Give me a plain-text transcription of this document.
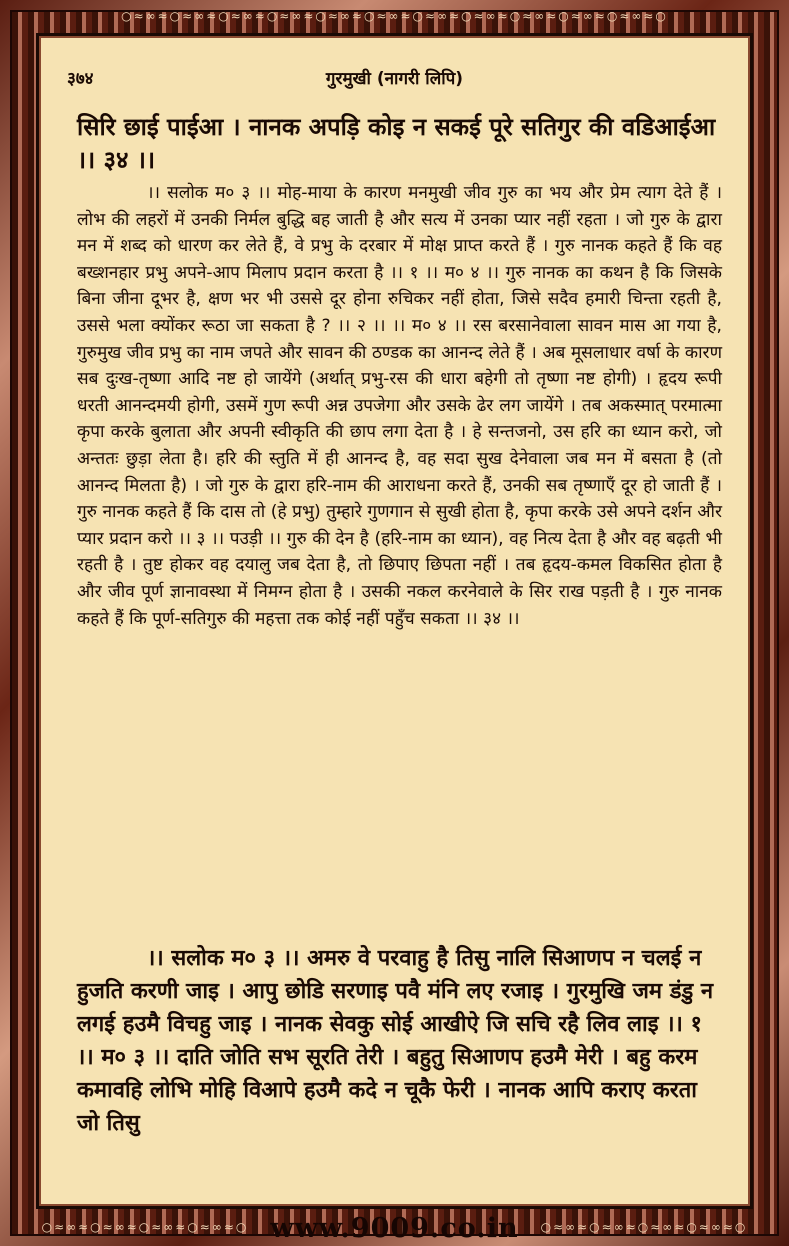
○≈∞≈○≈∞≈○≈∞≈○≈∞≈○≈∞≈○≈∞≈○≈∞≈○≈∞≈○≈∞≈○≈∞≈○≈∞≈○
○≈∞≈○≈∞≈○≈∞≈○≈∞≈○	○≈∞≈○≈∞≈○≈∞≈○≈∞≈○
गुरमुखी (नागरी लिपि)
३७४
सिरि छाई पाईआ । नानक अपड़ि कोइ न सकई पूरे सतिगुर की वडिआईआ ।। ३४ ।।
।। सलोक म० ३ ।। मोह-माया के कारण मनमुखी जीव गुरु का भय और प्रेम त्याग देते हैं । लोभ की लहरों में उनकी निर्मल बुद्धि बह जाती है और सत्य में उनका प्यार नहीं रहता । जो गुरु के द्वारा मन में शब्द को धारण कर लेते हैं, वे प्रभु के दरबार में मोक्ष प्राप्त करते हैं । गुरु नानक कहते हैं कि वह बख्शनहार प्रभु अपने-आप मिलाप प्रदान करता है ।। १ ।। म० ४ ।। गुरु नानक का कथन है कि जिसके बिना जीना दूभर है, क्षण भर भी उससे दूर होना रुचिकर नहीं होता, जिसे सदैव हमारी चिन्ता रहती है, उससे भला क्योंकर रूठा जा सकता है ? ।। २ ।। ।। म० ४ ।। रस बरसानेवाला सावन मास आ गया है, गुरुमुख जीव प्रभु का नाम जपते और सावन की ठण्डक का आनन्द लेते हैं । अब मूसलाधार वर्षा के कारण सब दुःख-तृष्णा आदि नष्ट हो जायेंगे (अर्थात् प्रभु-रस की धारा बहेगी तो तृष्णा नष्ट होगी) । हृदय रूपी धरती आनन्दमयी होगी, उसमें गुण रूपी अन्न उपजेगा और उसके ढेर लग जायेंगे । तब अकस्मात् परमात्मा कृपा करके बुलाता और अपनी स्वीकृति की छाप लगा देता है । हे सन्तजनो, उस हरि का ध्यान करो, जो अन्ततः छुड़ा लेता है। हरि की स्तुति में ही आनन्द है, वह सदा सुख देनेवाला जब मन में बसता है (तो आनन्द मिलता है) । जो गुरु के द्वारा हरि-नाम की आराधना करते हैं, उनकी सब तृष्णाएँ दूर हो जाती हैं । गुरु नानक कहते हैं कि दास तो (हे प्रभु) तुम्हारे गुणगान से सुखी होता है, कृपा करके उसे अपने दर्शन और प्यार प्रदान करो ।। ३ ।। पउड़ी ।। गुरु की देन है (हरि-नाम का ध्यान), वह नित्य देता है और वह बढ़ती भी रहती है । तुष्ट होकर वह दयालु जब देता है, तो छिपाए छिपता नहीं । तब हृदय-कमल विकसित होता है और जीव पूर्ण ज्ञानावस्था में निमग्न होता है । उसकी नकल करनेवाले के सिर राख पड़ती है । गुरु नानक कहते हैं कि पूर्ण-सतिगुरु की महत्ता तक कोई नहीं पहुँच सकता ।। ३४ ।।
।। सलोक म० ३ ।। अमरु वे परवाहु है तिसु नालि सिआणप न चलई न हुजति करणी जाइ । आपु छोडि सरणाइ पवै मंनि लए रजाइ । गुरमुखि जम डंडु न लगई हउमै विचहु जाइ । नानक सेवकु सोई आखीऐ जि सचि रहै लिव लाइ ।। १ ।। म० ३ ।। दाति जोति सभ सूरति तेरी । बहुतु सिआणप हउमै मेरी । बहु करम कमावहि लोभि मोहि विआपे हउमै कदे न चूकै फेरी । नानक आपि कराए करता जो तिसु
www.9009.co.in
